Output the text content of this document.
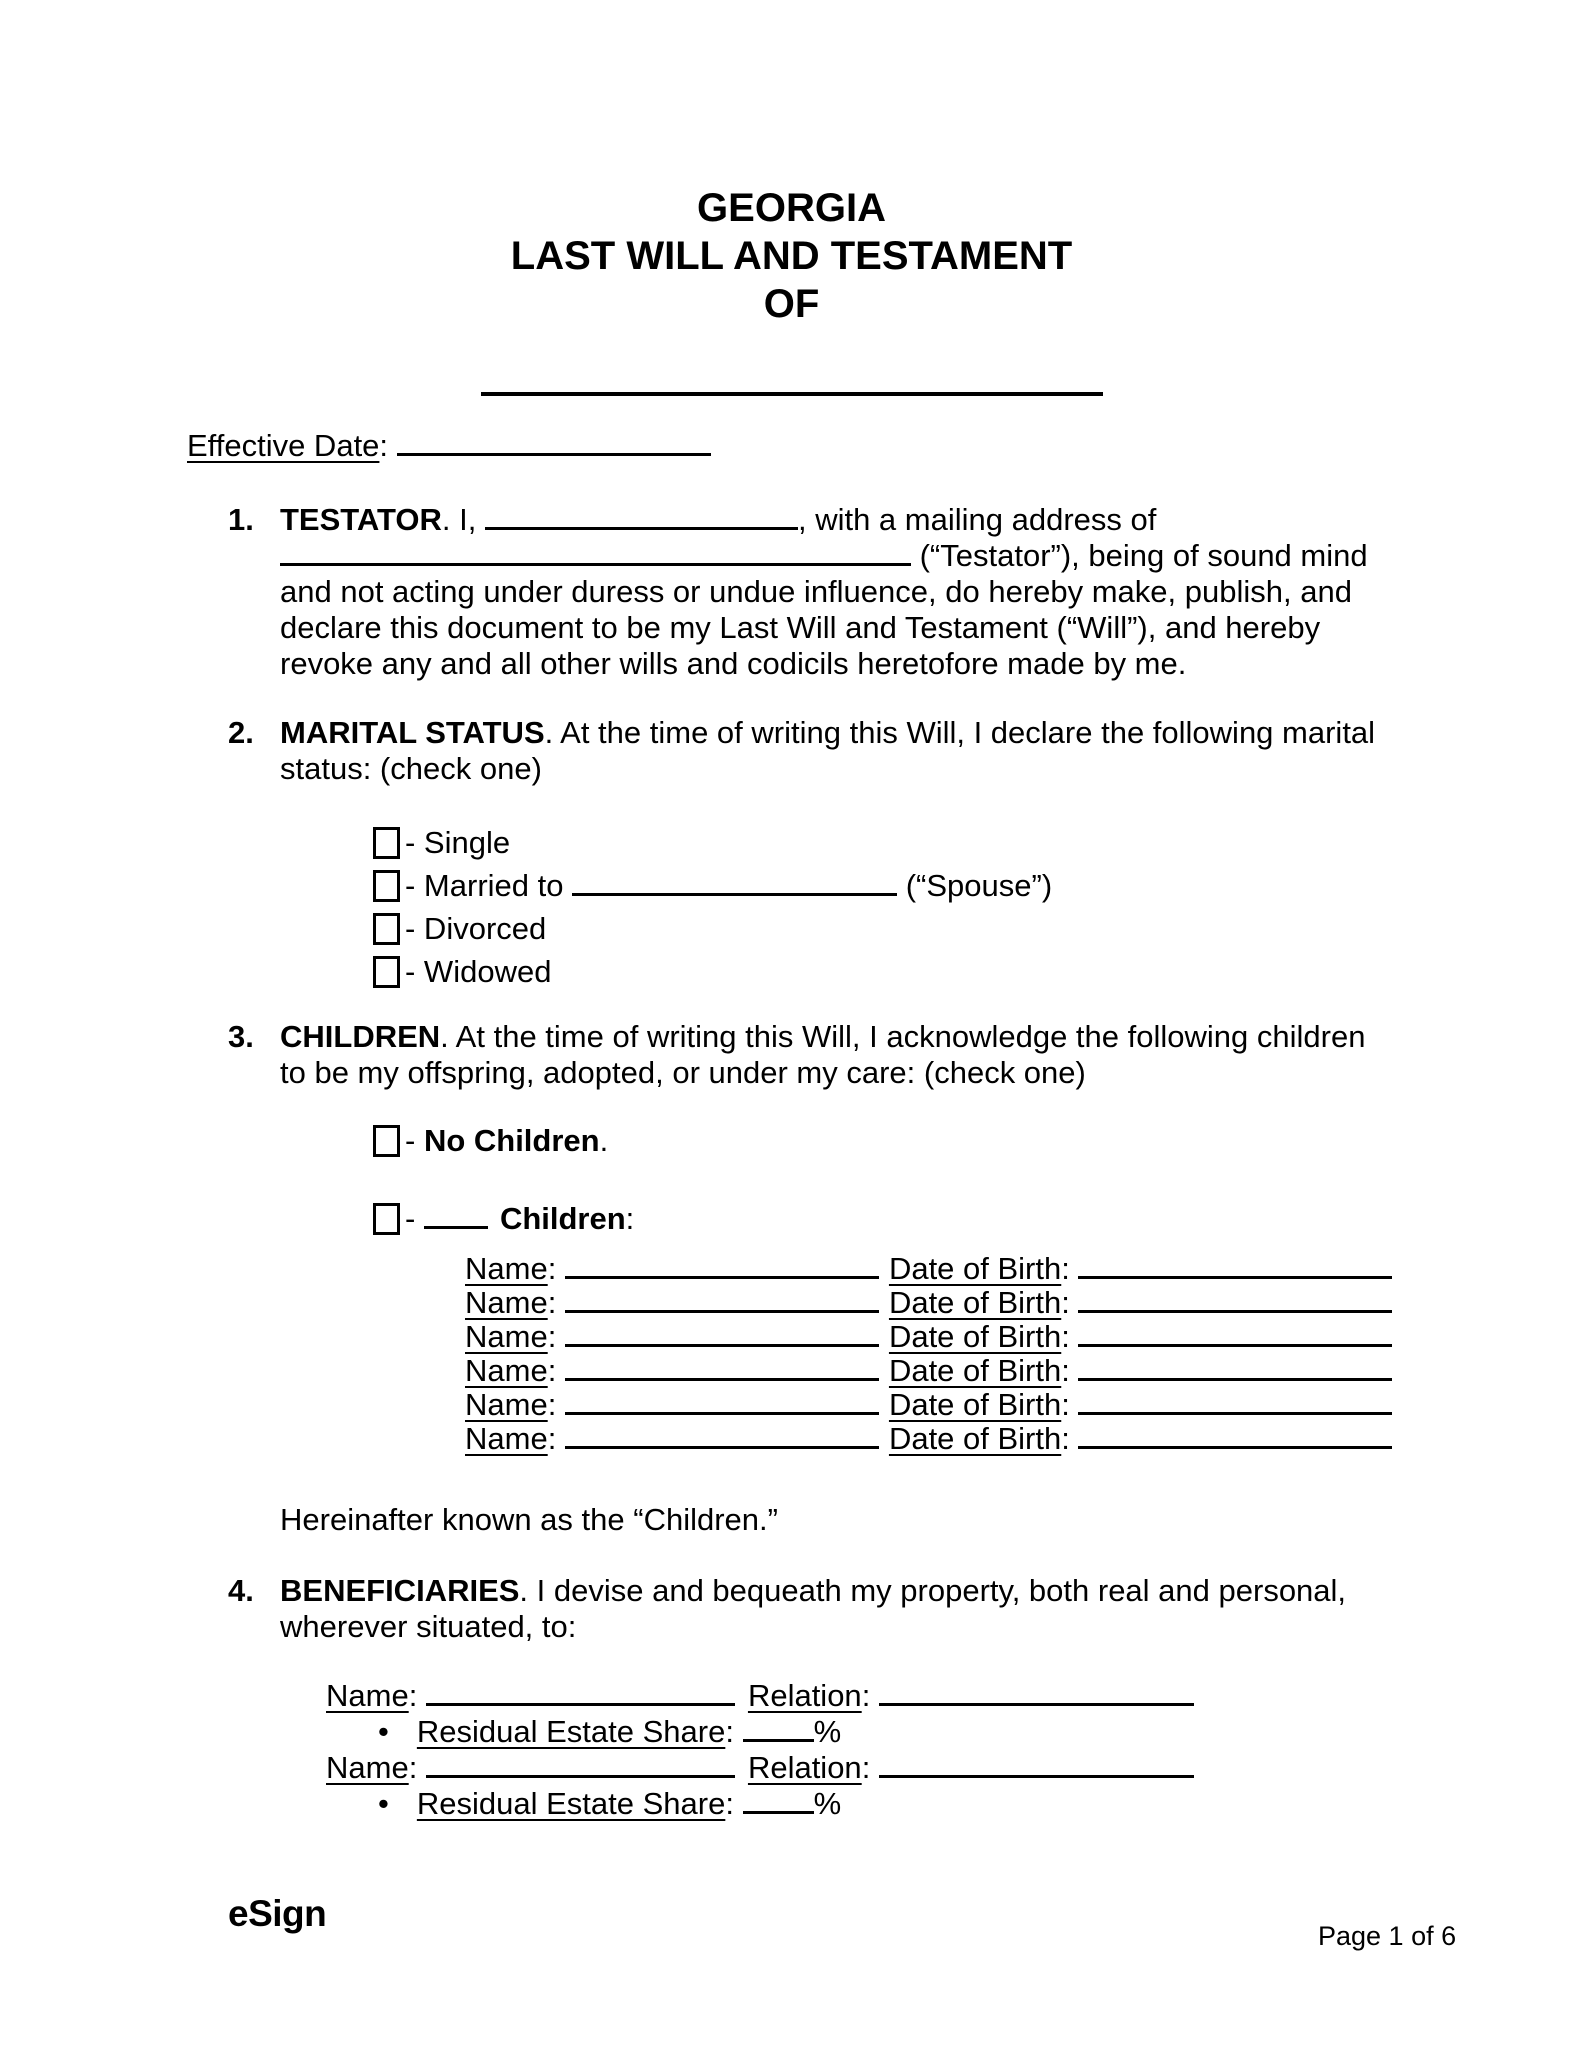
GEORGIA
LAST WILL AND TESTAMENT
OF
Effective Date:
1. TESTATOR. I,	, with a mailing address of
(“Testator”), being of sound mind
and not acting under duress or undue influence, do hereby make, publish, and
declare this document to be my Last Will and Testament (“Will”), and hereby
revoke any and all other wills and codicils heretofore made by me.
2. MARITAL STATUS. At the time of writing this Will, I declare the following marital
status: (check one)
- Single
- Married to	(“Spouse”)
- Divorced
- Widowed
3. CHILDREN. At the time of writing this Will, I acknowledge the following children
to be my offspring, adopted, or under my care: (check one)
- No Children.
- Children:
Name:	Date of Birth:
Name:	Date of Birth:
Name:	Date of Birth:
Name:	Date of Birth:
Name:	Date of Birth:
Name:	Date of Birth:
Hereinafter known as the “Children.”
4. BENEFICIARIES. I devise and bequeath my property, both real and personal,
wherever situated, to:
Name:	Relation:
• Residual Estate Share: %
Name:	Relation:
• Residual Estate Share: %
eSign
Page 1 of 6
